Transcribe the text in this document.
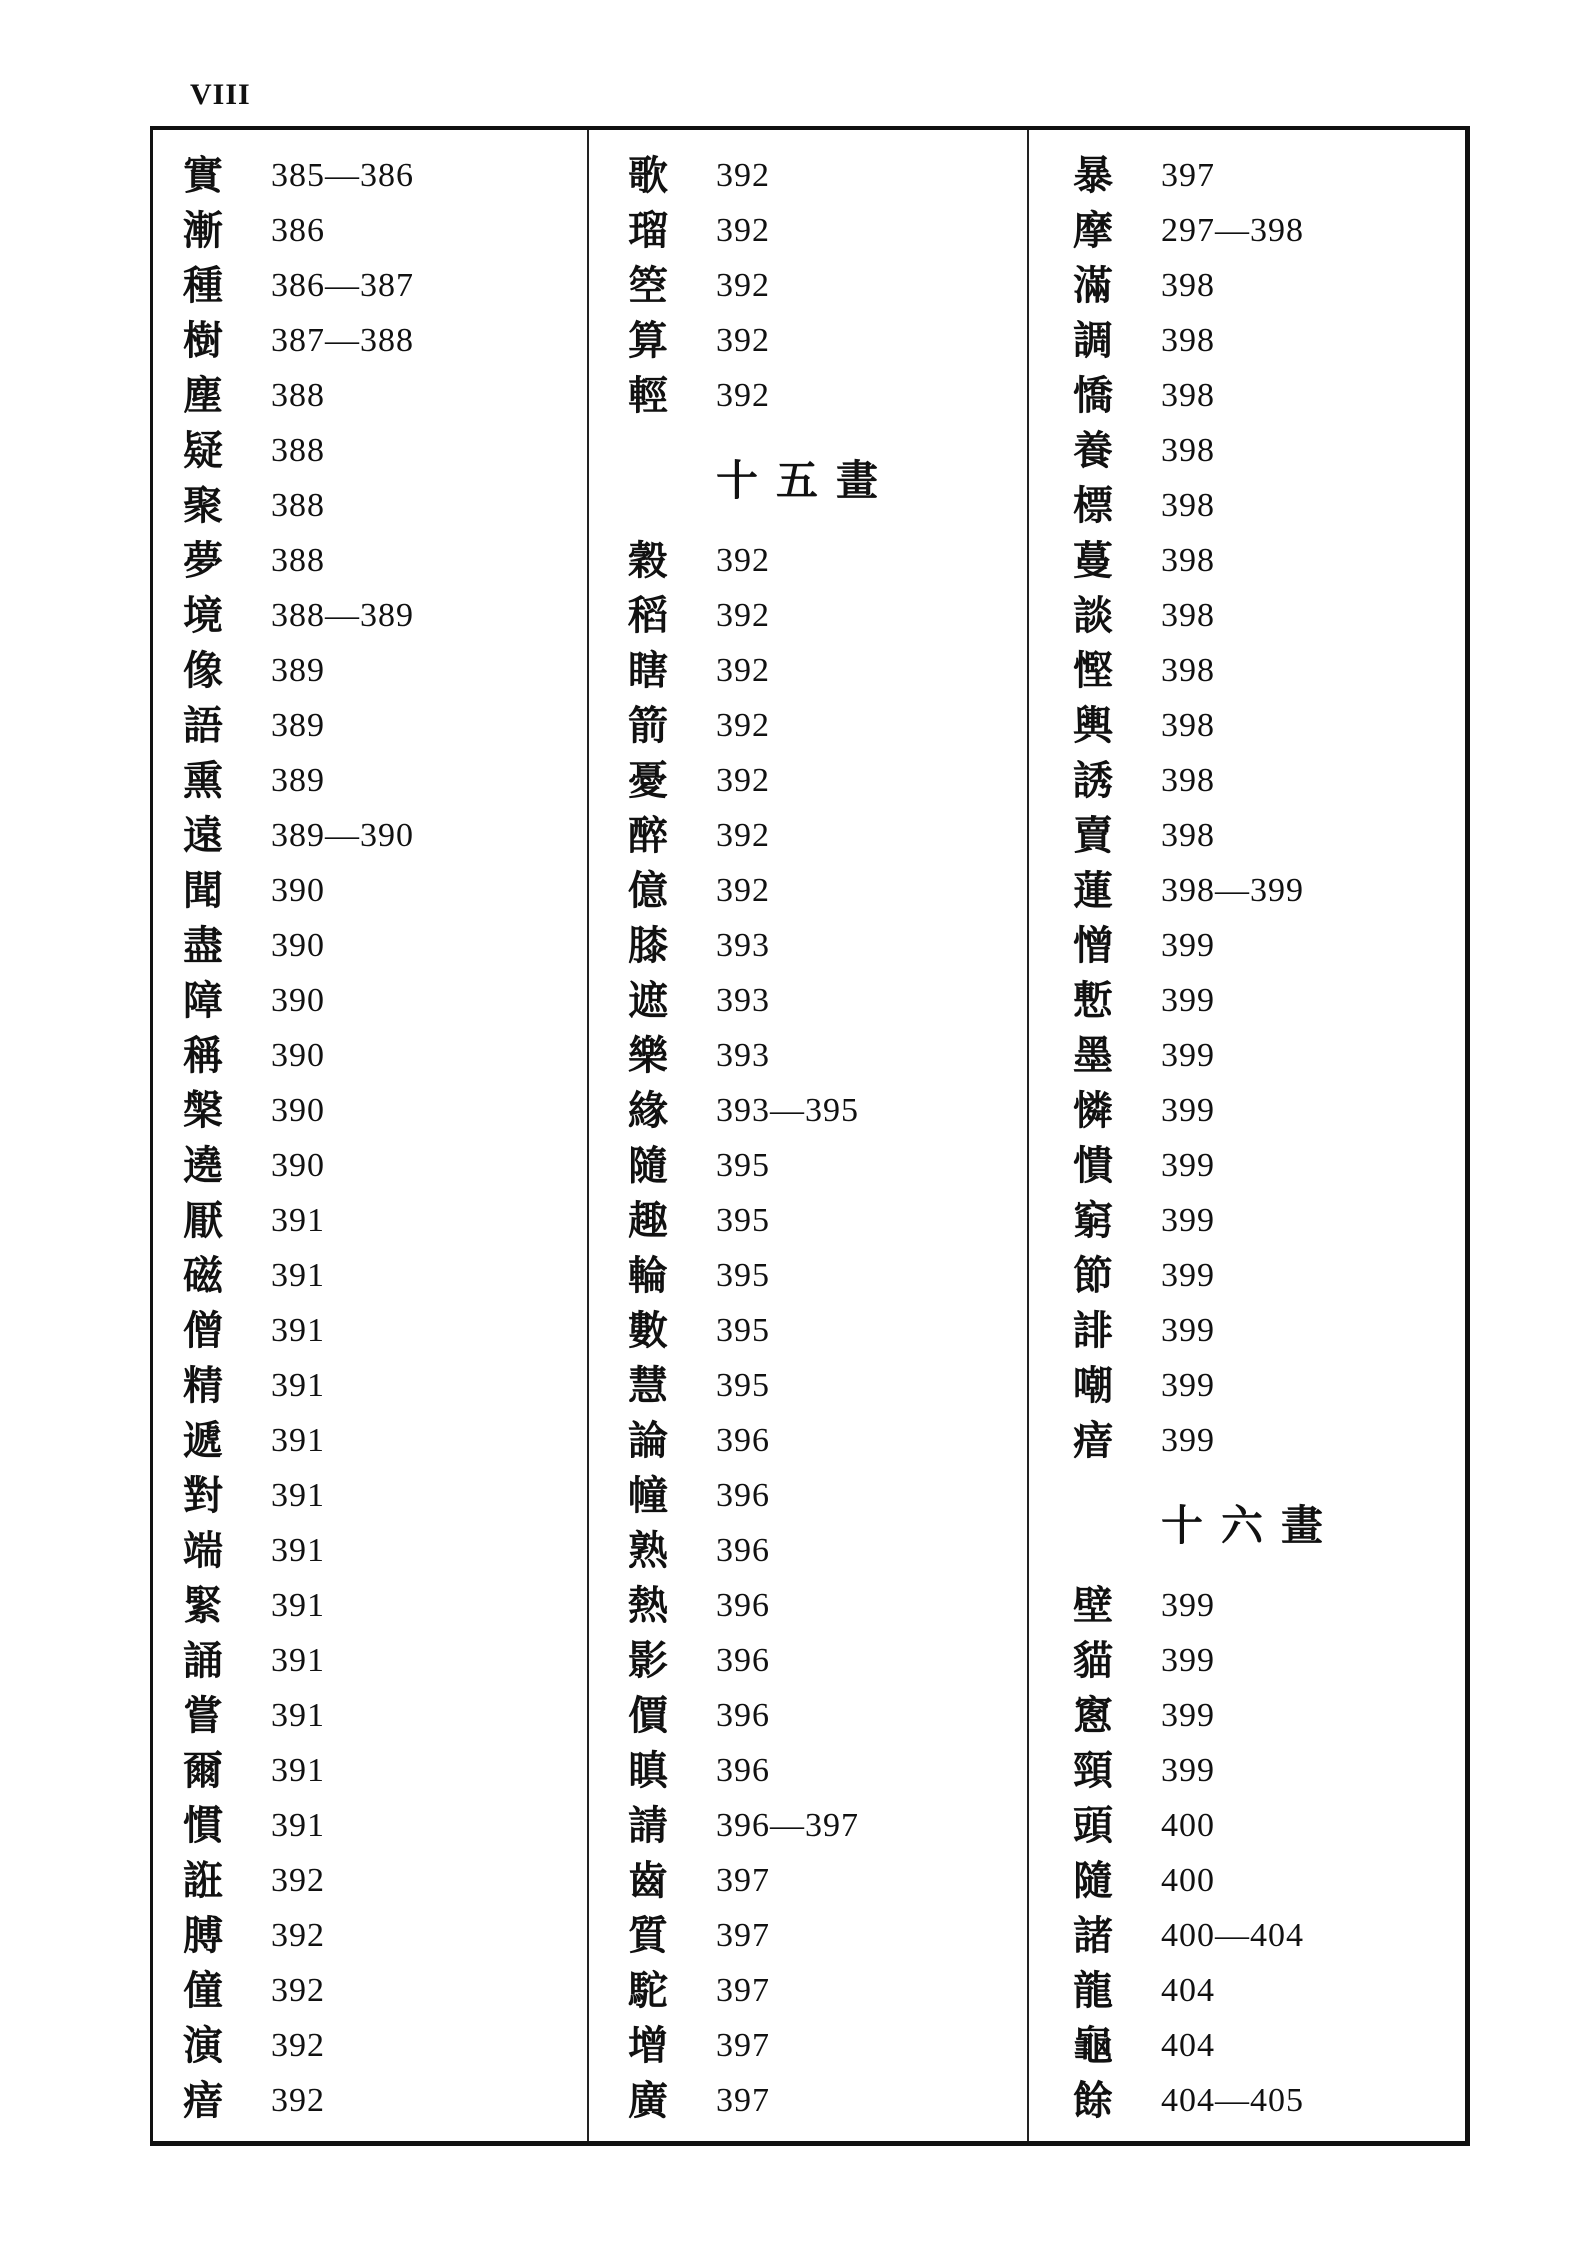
VIII
實	385—386
漸	386
種	386—387
樹	387—388
塵	388
疑	388
聚	388
夢	388
境	388—389
像	389
語	389
熏	389
遠	389—390
聞	390
盡	390
障	390
稱	390
槃	390
遶	390
厭	391
磁	391
僧	391
精	391
遞	391
對	391
端	391
緊	391
誦	391
嘗	391
爾	391
慣	391
誑	392
膊	392
僮	392
演	392
瘖	392
歌	392
瑠	392
箜	392
算	392
輕	392
十五畫
穀	392
稻	392
瞎	392
箭	392
憂	392
醉	392
億	392
膝	393
遮	393
樂	393
緣	393—395
隨	395
趣	395
輪	395
數	395
慧	395
論	396
幢	396
熟	396
熱	396
影	396
價	396
瞋	396
請	396—397
齒	397
質	397
駝	397
增	397
廣	397
暴	397
摩	297—398
滿	398
調	398
憍	398
養	398
標	398
蔓	398
談	398
慳	398
輿	398
誘	398
賣	398
蓮	398—399
憎	399
慙	399
墨	399
憐	399
憒	399
窮	399
節	399
誹	399
嘲	399
瘖	399
十六畫
壁	399
貓	399
窻	399
頸	399
頭	400
隨	400
諸	400—404
龍	404
龜	404
餘	404—405
